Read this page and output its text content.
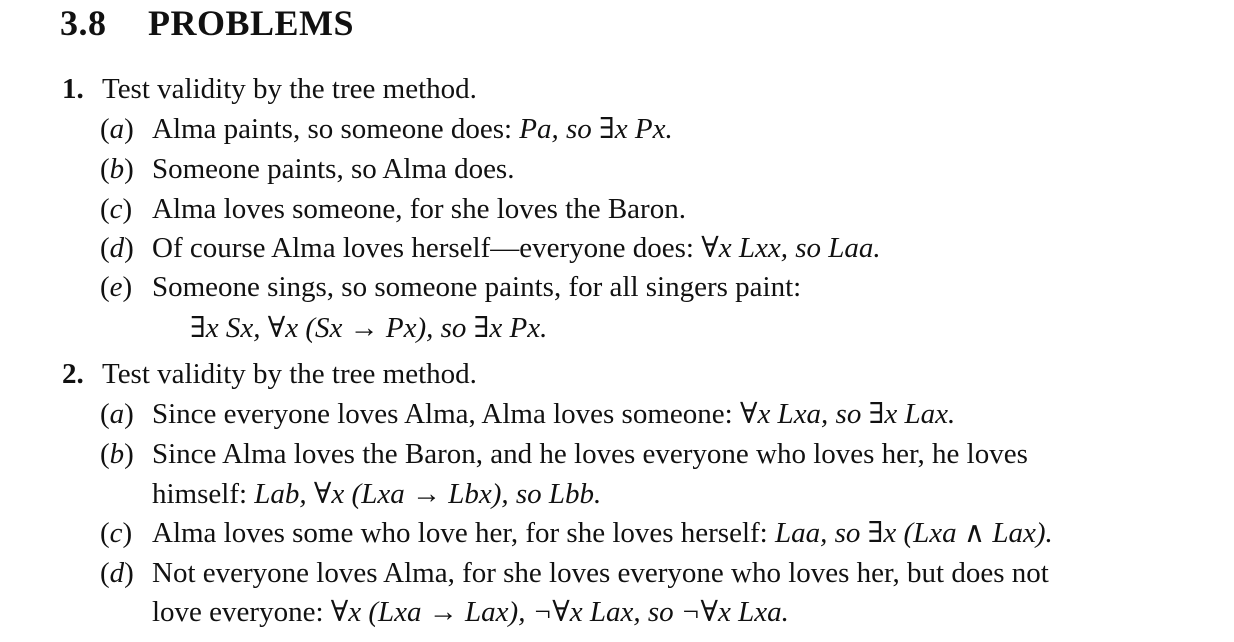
3.8 PROBLEMS
1. Test validity by the tree method.
(a) Alma paints, so someone does: Pa, so ∃x Px.
(b) Someone paints, so Alma does.
(c) Alma loves someone, for she loves the Baron.
(d) Of course Alma loves herself—everyone does: ∀x Lxx, so Laa.
(e) Someone sings, so someone paints, for all singers paint:
∃x Sx, ∀x (Sx → Px), so ∃x Px.
2. Test validity by the tree method.
(a) Since everyone loves Alma, Alma loves someone: ∀x Lxa, so ∃x Lax.
(b) Since Alma loves the Baron, and he loves everyone who loves her, he loves
himself: Lab, ∀x (Lxa → Lbx), so Lbb.
(c) Alma loves some who love her, for she loves herself: Laa, so ∃x (Lxa ∧ Lax).
(d) Not everyone loves Alma, for she loves everyone who loves her, but does not
love everyone: ∀x (Lxa → Lax), ¬∀x Lax, so ¬∀x Lxa.
